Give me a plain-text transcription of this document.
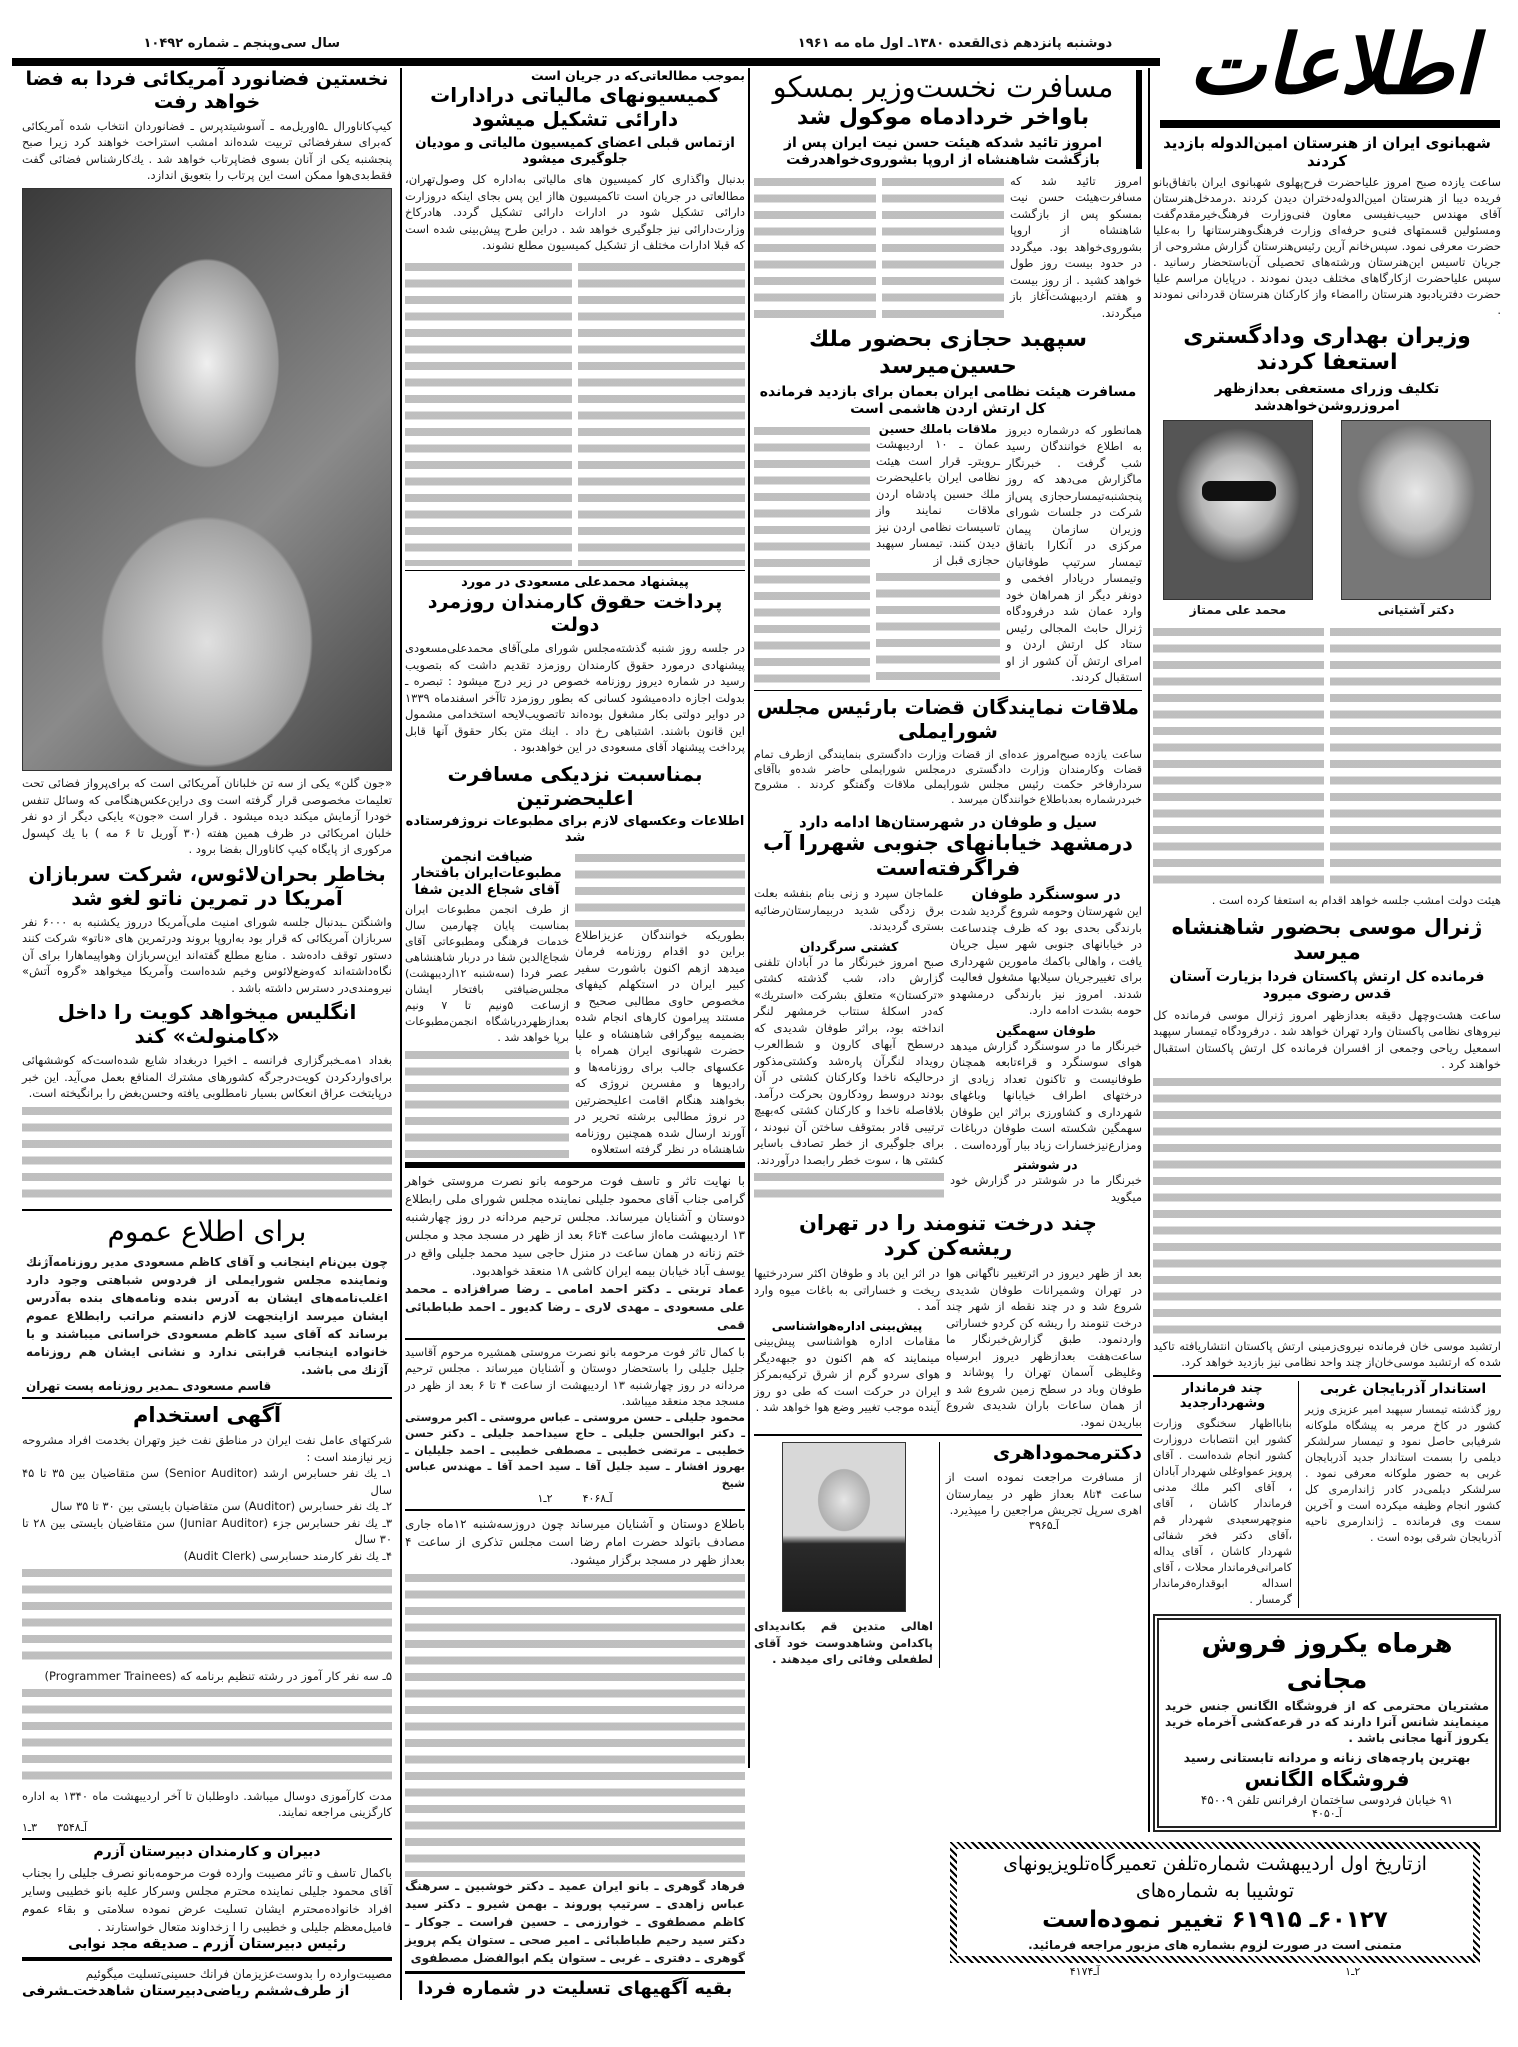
اطلاعات
دوشنبه پانزدهم ذی‌القعده ۱۳۸۰ـ اول ماه مه ۱۹۶۱
سال سی‌وپنجم ـ شماره ۱۰۴۹۲
شهبانوی ایران از هنرستان امین‌الدوله بازدید کردند
ساعت یازده صبح امروز علیاحضرت فرح‌پهلوی شهبانوی ایران باتفاق‌بانو فریده دیبا از هنرستان امین‌الدوله‌دختران دیدن کردند .درمدخل‌هنرستان آقای مهندس حبیب‌نفیسی معاون فنی‌وزارت فرهنگ‌خیرمقدم‌گفت ومسئولین قسمتهای فنی‌و حرفه‌ای وزارت فرهنگ‌وهنرستانها را به‌علیا حضرت معرفی نمود. سپس‌خانم آرین رئیس‌هنرستان گزارش مشروحی از جریان تاسیس این‌هنرستان ورشته‌های تحصیلی آن‌باستحضار رسانید . سپس علیاحضرت ازکارگاهای مختلف دیدن نمودند . درپایان مراسم علیا حضرت دفتریادبود هنرستان راامضاء واز کارکنان هنرستان قدردانی نمودند .
وزیران بهداری ودادگستری استعفا کردند
تکلیف وزرای مستعفی بعدازظهر امروزروشن‌خواهدشد
دکتر آشتیانی
محمد علی ممتاز
هیئت دولت امشب جلسه خواهد اقدام به استعفا کرده است .
ژنرال موسی بحضور شاهنشاه میرسد
فرمانده کل ارتش پاکستان فردا بزیارت آستان قدس رضوی میرود
ساعت هشت‌وچهل دقیقه بعدازظهر امروز ژنرال موسی فرمانده کل نیروهای نظامی پاکستان وارد تهران خواهد شد . درفرودگاه تیمسار سپهبد اسمعیل ریاحی وجمعی از افسران فرمانده کل ارتش پاکستان استقبال خواهند کرد .
ارتشبد موسی خان فرمانده نیروی‌زمینی ارتش پاکستان انتشاریافته تاکید شده که ارتشبد موسی‌خان‌از چند واحد نظامی نیز بازدید خواهد کرد.
استاندار آذربایجان غربی
روز گذشته تیمسار سپهبد امیر عزیزی وزیر کشور در کاخ مرمر به پیشگاه ملوکانه شرفیابی حاصل نمود و تیمسار سرلشکر دیلمی را بسمت استاندار جدید آذربایجان غربی به حضور ملوکانه معرفی نمود . سرلشکر دیلمی‌در کادر ژاندارمری کل کشور انجام وظیفه میکرده است و آخرین سمت وی فرمانده ـ ژاندارمری ناحیه آذربایجان شرقی بوده است .
چند فرماندار وشهردارجدید
بنابااظهار سخنگوی وزارت کشور این انتصابات دروزارت کشور انجام شده‌است . آقای پرویز عمواوغلی شهردار آبادان ، آقای اکبر ملك مدنی فرماندار کاشان ، آقای منوچهرسعیدی شهردار قم ،آقای دکتر فخر شفائی شهردار کاشان ، آقای یداله کامرانی‌فرماندار محلات ، آقای اسداله ابوقداره‌فرماندار گرمسار .
هرماه یکروز فروش مجانی
مشتریان محترمی که از فروشگاه الگانس جنس خرید مینمایند شانس آنرا دارند که در قرعه‌کشی آخرماه خرید یکروز آنها مجانی باشد .
بهترین پارچه‌های زنانه و مردانه تابستانی رسید
فروشگاه الگانس
۹۱ خیابان فردوسی ساختمان ارفرانس تلفن ۴۵۰۰۹
آـ۴۰۵۰
مسافرت نخست‌وزیر بمسکو
باواخر خردادماه موکول شد
امروز تائید شدکه هیئت حسن نیت ایران پس از بازگشت شاهنشاه از اروپا بشوروی‌خواهدرفت
امروز تائید شد که مسافرت‌هیئت حسن نیت بمسکو پس از بازگشت شاهنشاه از اروپا بشوروی‌خواهد بود. میگردد در حدود بیست روز طول خواهد کشید . از روز بیست و هفتم اردیبهشت‌آغاز باز میگردند.
سپهبد حجازی بحضور ملك حسین‌میرسد
مسافرت هیئت نظامی ایران بعمان برای بازدید فرمانده کل ارتش اردن هاشمی است
همانطور که درشماره دیروز به اطلاع خوانندگان رسید شب گرفت . خبرنگار ماگزارش می‌دهد که روز پنجشنبه‌تیمسارحجازی پس‌از شرکت در جلسات شورای وزیران سازمان پیمان مرکزی در آنکارا باتفاق تیمسار سرتیپ طوفانیان وتیمسار دریادار افخمی و دونفر دیگر از همراهان خود وارد عمان شد درفرودگاه ژنرال حابث المجالی رئیس ستاد کل ارتش اردن و امرای ارتش آن کشور از او استقبال کردند.
ملاقات باملك حسین
عمان ـ ۱۰ اردیبهشت ـرویترـ قرار است هیئت نظامی ایران باعلیحضرت ملك حسین پادشاه اردن ملاقات نمایند واز تاسیسات نظامی اردن نیز دیدن کنند. تیمسار سپهبد حجازی قبل از
ملاقات نمایندگان قضات بارئیس مجلس شورایملی
ساعت یازده صبح‌امروز عده‌ای از قضات وزارت دادگستری بنمایندگی ازطرف تمام قضات وکارمندان وزارت دادگستری درمجلس شورایملی حاضر شده‌و باآقای سردارفاخر حکمت رئیس مجلس شورایملی ملاقات وگفتگو کردند . مشروح خبردرشماره بعدباطلاع خوانندگان میرسد .
سیل و طوفان در شهرستان‌ها ادامه دارد
درمشهد خیابانهای جنوبی شهررا آب فراگرفته‌است
در سوسنگرد طوفان
این شهرستان وحومه شروع گردید شدت بارندگی بحدی بود که ظرف چندساعت در خیابانهای جنوبی شهر سیل جریان یافت ، واهالی باکمك مامورین شهرداری برای تغییرجریان سیلابها مشغول فعالیت شدند. امروز نیز بارندگی درمشهدو حومه بشدت ادامه دارد.
طوفان سهمگین
خبرنگار ما در سوسنگرد گزارش میدهد هوای سوسنگرد و قراءتابعه همچنان طوفانیست و تاکنون تعداد زیادی از درختهای اطراف خیابانها وباغهای شهرداری و کشاورزی براثر این طوفان سهمگین شکسته است طوفان درباغات ومزارع‌نیزخسارات زیاد ببار آورده‌است .
در شوشتر
خبرنگار ما در شوشتر در گزارش خود میگوید
علماجان سپرد و زنی بنام بنفشه بعلت برق زدگی شدید دربیمارستان‌رضائیه بستری گردیدند.
کشتی سرگردان
صبح امروز خبرنگار ما در آبادان تلفنی گزارش داد، شب گذشته کشتی «ترکستان» متعلق بشرکت «استریك» که‌در اسکلهٔ سنتاب خرمشهر لنگر انداخته بود، براثر طوفان شدیدی که درسطح آبهای کارون و شط‌العرب رویداد لنگرآن پاره‌شد وکشتی‌مذکور درحالیکه ناخدا وکارکنان کشتی در آن بودند دروسط رودکارون بحرکت درآمد. بلافاصله ناخدا و کارکنان کشتی که‌بهیچ ترتیبی قادر بمتوقف ساختن آن نبودند ، برای جلوگیری از خطر تصادف باسایر کشتی ها ، سوت خطر رابصدا درآوردند.
چند درخت تنومند را در تهران
ریشه‌کن کرد
بعد از ظهر دیروز در اثرتغییر ناگهانی هوا در تهران وشمیرانات طوفان شدیدی شروع شد و در چند نقطه از شهر چند درخت تنومند را ریشه کن کردو خساراتی واردنمود. طبق گزارش‌خبرنگار ما ساعت‌هفت بعدازظهر دیروز ابرسیاه وغلیظی آسمان تهران را پوشاند و طوفان وباد در سطح زمین شروع شد و از همان ساعات باران شدیدی شروع بباریدن نمود.
در اثر این باد و طوفان اکثر سردرختیها ریخت و خساراتی به باغات میوه وارد آمد .
پیش‌بینی اداره‌هواشناسی
مقامات اداره هواشناسی پیش‌بینی مینمایند که هم اکنون دو جبهه‌دیگر هوای سردو گرم از شرق ترکیه‌بمرکز ایران در حرکت است که طی دو روز آینده موجب تغییر وضع هوا خواهد شد .
دکترمحموداهری
از مسافرت مراجعت نموده است از ساعت ۴تا۸ بعداز ظهر در بیمارستان اهری سرپل تجریش مراجعین را میپذیرد.
آـ۳۹۶۵
اهالی متدین قم بکاندیدای پاکدامن وشاهدوست خود آقای لطفعلی وفائی رای میدهند .
ازتاریخ اول اردیبهشت شماره‌تلفن تعمیرگاه‌تلویزیونهای
توشیبا به شماره‌های
۶۰۱۲۷ـ ۶۱۹۱۵ تغییر نموده‌است
متمنی است در صورت لزوم بشماره های مزبور مراجعه فرمائید.
۲ـ۱
آـ۴۱۷۴
بموجب مطالعاتی‌که در جریان است
کمیسیونهای مالیاتی درادارات دارائی تشکیل میشود
ازتماس قبلی اعضای کمیسیون مالیاتی و مودیان جلوگیری میشود
بدنبال واگذاری کار کمیسیون های مالیاتی به‌اداره کل وصول‌تهران، مطالعاتی در جریان است تاکمیسیون هااز این پس بجای اینکه دروزارت دارائی تشکیل شود در ادارات دارائی تشکیل گردد. هادرکاخ وزارت‌دارائی نیز جلوگیری خواهد شد . دراین طرح پیش‌بینی شده است که قبلا ادارات مختلف از تشکیل کمیسیون مطلع نشوند.
پیشنهاد محمدعلی مسعودی در مورد
پرداخت حقوق کارمندان روزمرد دولت
در جلسه روز شنبه گذشته‌مجلس شورای ملی‌آقای محمدعلی‌مسعودی پیشنهادی درمورد حقوق کارمندان روزمزد تقدیم داشت که بتصویب رسید در شماره دیروز روزنامه خصوص در زیر درج میشود : تبصره ـ بدولت اجازه داده‌میشود کسانی که بطور روزمزد تاآخر اسفندماه ۱۳۳۹ در دوایر دولتی بکار مشغول بوده‌اند تاتصویب‌لایحه استخدامی مشمول این قانون باشند. اشتباهی رخ داد . اینك متن بکار حقوق آنها قابل پرداخت پیشنهاد آقای مسعودی در این خواهدبود .
بمناسبت نزدیکی مسافرت اعلیحضرتین
اطلاعات وعکسهای لازم برای مطبوعات نروژفرستاده شد
بطوریکه خوانندگان عزیزاطلاع براین دو اقدام روزنامه فرمان میدهد ازهم اکنون باشورت سفیر کبیر ایران در استکهلم کیفهای مخصوص حاوی مطالبی صحیح و مستند پیرامون کارهای انجام شده بضمیمه بیوگرافی شاهنشاه و علیا حضرت شهبانوی ایران همراه با عکسهای جالب برای روزنامه‌ها و رادیوها و مفسرین نروژی که بخواهند هنگام اقامت اعلیحضرتین در نروژ مطالبی برشته تحریر در آورند ارسال شده همچنین روزنامه شاهنشاه در نظر گرفته استعلاوه
ضیافت انجمن مطبوعات‌ایران بافتخار آقای شجاع الدین شفا
از طرف انجمن مطبوعات ایران بمناسبت پایان چهارمین سال خدمات فرهنگی ومطبوعاتی آقای شجاع‌الدین شفا در دربار شاهنشاهی عصر فردا (سه‌شنبه ۱۲اردیبهشت) مجلس‌ضیافتی بافتخار ایشان ازساعت ۵ونیم تا ۷ ونیم بعدازظهردرباشگاه انجمن‌مطبوعات برپا خواهد شد .
با نهایت تاثر و تاسف فوت مرحومه بانو نصرت مروستی خواهر گرامی جناب آقای محمود جلیلی نماینده مجلس شورای ملی رابطلاع دوستان و آشنایان میرساند. مجلس ترحیم مردانه در روز چهارشنبه ۱۳ اردیبهشت ماه‌از ساعت ۴تا۶ بعد از ظهر در مسجد مجد و مجلس ختم زنانه در همان ساعت در منزل حاجی سید محمد جلیلی واقع در یوسف آباد خیابان بیمه ایران کاشی ۱۸ منعقد خواهدبود.
عماد تربتی ـ دکتر احمد امامی ـ رضا صرافزاده ـ محمد علی مسعودی ـ مهدی لاری ـ رضا کدیور ـ احمد طباطبائی قمی
با کمال تاثر فوت مرحومه بانو نصرت مروستی همشیره مرحوم آقاسید جلیل جلیلی را باستحضار دوستان و آشنایان میرساند . مجلس ترحیم مردانه در روز چهارشنبه ۱۳ اردیبهشت از ساعت ۴ تا ۶ بعد از ظهر در مسجد مجد منعقد میباشد.
محمود جلیلی ـ حسن مروستی ـ عباس مروستی ـ اکبر مروستی ـ دکتر ابوالحسن جلیلی ـ حاج سیداحمد جلیلی ـ دکتر حسن خطیبی ـ مرتضی خطیبی ـ مصطفی خطیبی ـ احمد جلیلیان ـ بهروز افشار ـ سید جلیل آقا ـ سید احمد آقا ـ مهندس عباس شیخ
آـ۴۰۶۸
۲ـ۱
باطلاع دوستان و آشنایان میرساند چون دروزسه‌شنبه ۱۲ماه جاری مصادف باتولد حضرت امام رضا است مجلس تذکری از ساعت ۴ بعداز ظهر در مسجد برگزار میشود.
فرهاد گوهری ـ بانو ایران عمید ـ دکتر خوشبین ـ سرهنگ عباس زاهدی ـ سرتیپ پوروند ـ بهمن شیرو ـ دکتر سید کاظم مصطفوی ـ خوارزمی ـ حسین فراست ـ جوکار ـ دکتر سید رحیم طباطبائی ـ امیر صحی ـ ستوان یکم پرویز گوهری ـ دفتری ـ غربی ـ ستوان یکم ابوالفضل مصطفوی
بقیه آگهیهای تسلیت در شماره فردا
نخستین فضانورد آمریکائی فردا به فضا خواهد رفت
کیپ‌کاناورال ـ۵اوریل‌مه ـ آسوشیتدپرس ـ فضانوردان انتخاب شده آمریکائی که‌برای سفرفضائی تربیت شده‌اند امشب استراحت خواهند کرد زیرا صبح پنجشنبه یکی از آنان بسوی فضاپرتاب خواهد شد . یك‌کارشناس فضائی گفت فقط‌بدی‌هوا ممکن است این پرتاب را بتعویق اندازد.
«جون گلن» یکی از سه تن خلبانان آمریکائی است که برای‌پرواز فضائی تحت تعلیمات مخصوصی قرار گرفته است وی دراین‌عکس‌هنگامی که وسائل تنفس خودرا آزمایش میکند دیده میشود . قرار است «جون» یایکی دیگر از دو نفر خلبان امریکائی در ظرف همین هفته (۳۰ آوریل تا ۶ مه ) با یك کپسول مرکوری از پایگاه کیپ کاناورال بفضا برود .
بخاطر بحران‌لائوس، شرکت سربازان آمریکا در تمرین ناتو لغو شد
واشنگتن ـبدنبال جلسه شورای امنیت ملی‌آمریکا درروز یکشنبه به ۶۰۰۰ نفر سربازان آمریکائی که قرار بود به‌اروپا بروند ودرتمرین های «ناتو» شرکت کنند دستور توقف داده‌شد . منابع مطلع گفته‌اند این‌سربازان وهواپیماهارا برای آن نگاه‌داشته‌اند که‌وضع‌لائوس وخیم شده‌است وآمریکا میخواهد «گروه آتش» نیرومندی‌در دسترس داشته باشد .
انگلیس میخواهد کویت را داخل «کامنولث» کند
بغداد ۱مه‌ـخبرگزاری فرانسه ـ اخیرا دربغداد شایع شده‌است‌که کوششهائی برای‌واردکردن کویت‌درجرگه کشورهای مشترك المنافع بعمل می‌آید. این خبر درپایتخت عراق انعکاس بسیار نامطلوبی یافته وحسن‌بغض را برانگیخته است.
برای اطلاع عموم
چون بین‌نام اینجانب و آقای کاظم مسعودی مدیر روزنامه‌آژنك ونماینده مجلس شورایملی از فردوس شباهتی وجود دارد اغلب‌نامه‌های ایشان به آدرس بنده ونامه‌های بنده به‌آدرس ایشان میرسد ازاینجهت لازم دانستم مراتب رابطلاع عموم برساند که آقای سید کاظم مسعودی خراسانی میباشند و با خانواده اینجانب قرابتی ندارد و نشانی ایشان هم روزنامه آژنك می باشد.
قاسم مسعودی ـمدیر روزنامه پست تهران
آگهی استخدام
شرکتهای عامل نفت ایران در مناطق نفت خیز وتهران بخدمت افراد مشروحه زیر نیازمند است :
۱ـ یك نفر حسابرس ارشد (Senior Auditor) سن متقاضیان بین ۳۵ تا ۴۵ سال
۲ـ یك نفر حسابرس (Auditor) سن متقاضیان بایستی بین ۳۰ تا ۳۵ سال
۳ـ یك نفر حسابرس جزء (Juniar Auditor) سن متقاضیان بایستی بین ۲۸ تا ۳۰ سال
۴ـ یك نفر کارمند حسابرسی (Audit Clerk)
۵ـ سه نفر کار آموز در رشته تنظیم برنامه که (Programmer Trainees)
مدت کارآموزی دوسال میباشد. داوطلبان تا آخر اردیبهشت ماه ۱۳۴۰ به اداره کارگزینی مراجعه نمایند.
آـ۳۵۴۸
۳ـ۱
دبیران و کارمندان دبیرستان آزرم
باکمال تاسف و تاثر مصیبت وارده فوت مرحومه‌بانو نصرف جلیلی را بجناب آقای محمود جلیلی نماینده محترم مجلس وسرکار علیه بانو خطیبی وسایر افراد خانواده‌محترم ایشان تسلیت عرض نموده سلامتی و بقاء عموم فامیل‌معظم جلیلی و خطیبی را ا زخداوند متعال خواستارند .
رئیس دبیرستان آزرم ـ صدیقه مجد نوابی
مصیبت‌وارده را بدوست‌عزیزمان فرانك حسینی‌تسلیت میگوئیم
از طرف‌ششم ریاضی‌دبیرستان شاهدخت‌ـشرفی
